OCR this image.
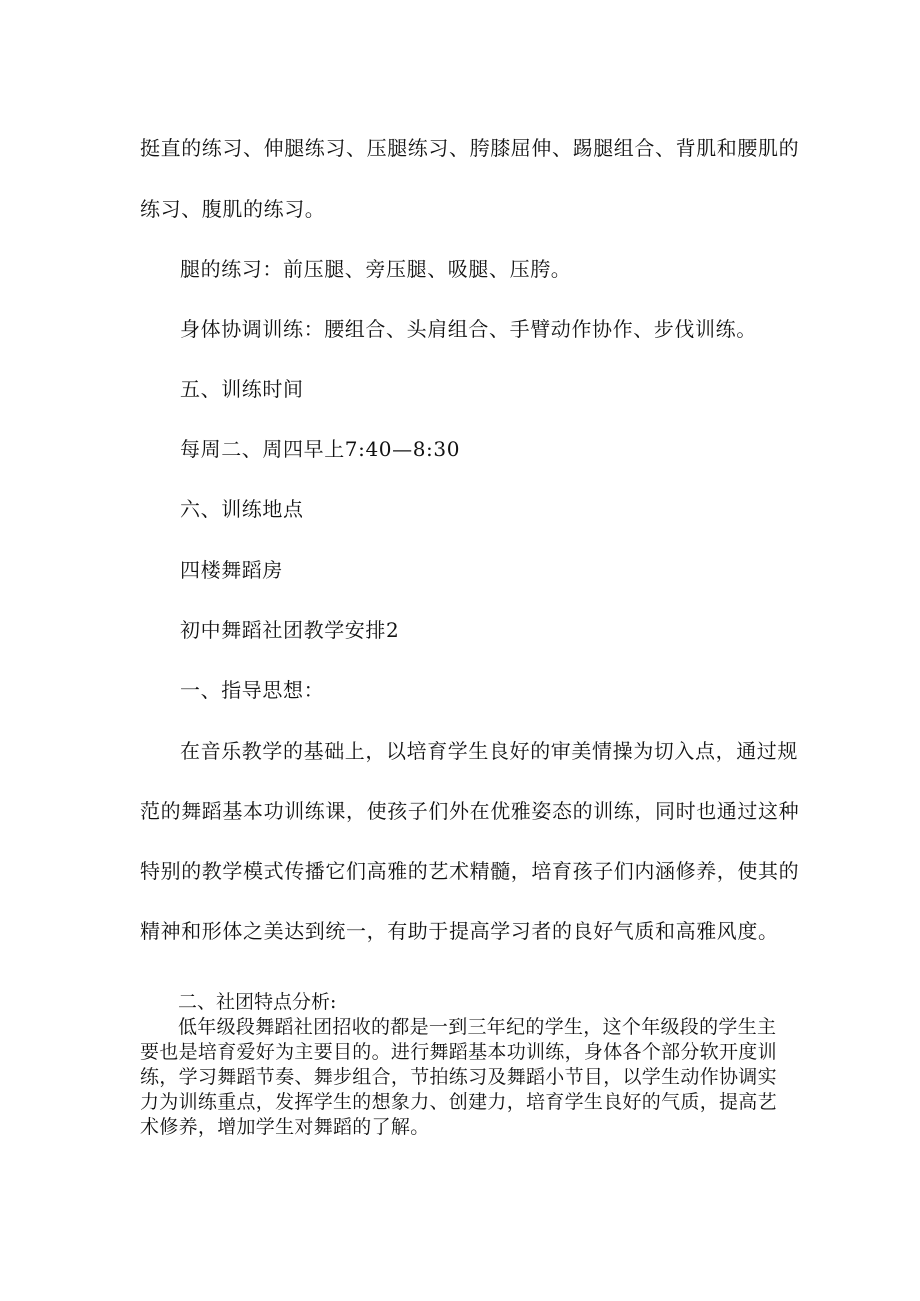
挺直的练习、伸腿练习、压腿练习、胯膝屈伸、踢腿组合、背肌和腰肌的
练习、腹肌的练习。
腿的练习：前压腿、旁压腿、吸腿、压胯。
身体协调训练：腰组合、头肩组合、手臂动作协作、步伐训练。
五、训练时间
每周二、周四早上7:40—8:30
六、训练地点
四楼舞蹈房
初中舞蹈社团教学安排2
一、指导思想：
在音乐教学的基础上，以培育学生良好的审美情操为切入点，通过规
范的舞蹈基本功训练课，使孩子们外在优雅姿态的训练，同时也通过这种
特别的教学模式传播它们高雅的艺术精髓，培育孩子们内涵修养，使其的
精神和形体之美达到统一，有助于提高学习者的良好气质和高雅风度。
二、社团特点分析:
低年级段舞蹈社团招收的都是一到三年纪的学生，这个年级段的学生主要也是培育爱好为主要目的。进行舞蹈基本功训练，身体各个部分软开度训练，学习舞蹈节奏、舞步组合，节拍练习及舞蹈小节目，以学生动作协调实力为训练重点，发挥学生的想象力、创建力，培育学生良好的气质，提高艺术修养，增加学生对舞蹈的了解。
